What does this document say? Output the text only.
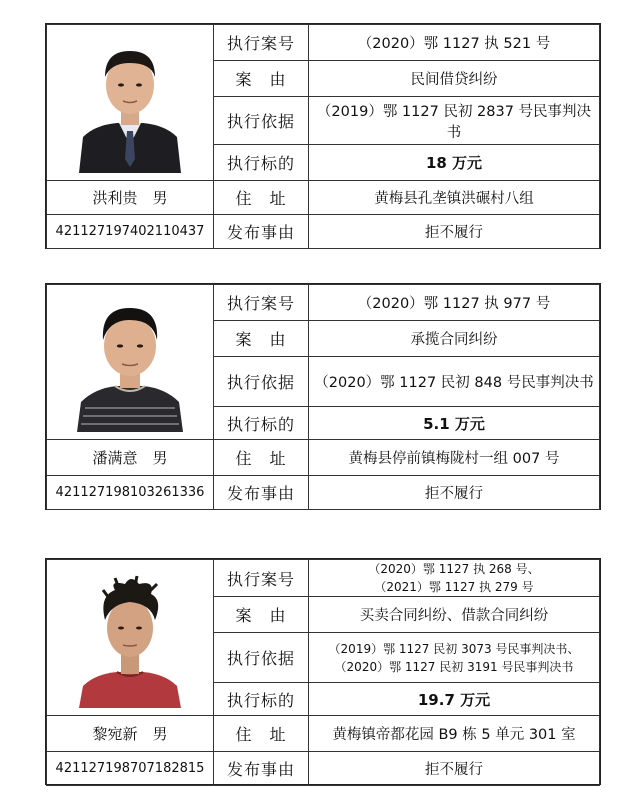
	执行案号	（2020）鄂 1127 执 521 号
	案　由	民间借贷纠纷
	执行依据	（2019）鄂 1127 民初 2837 号民事判决书
	执行标的	18 万元
洪利贵　男	住　址	黄梅县孔垄镇洪碾村八组
421127197402110437	发布事由	拒不履行
	执行案号	（2020）鄂 1127 执 977 号
	案　由	承揽合同纠纷
	执行依据	（2020）鄂 1127 民初 848 号民事判决书
	执行标的	5.1 万元
潘满意　男	住　址	黄梅县停前镇梅陇村一组 007 号
421127198103261336	发布事由	拒不履行
	执行案号	（2020）鄂 1127 执 268 号、
（2021）鄂 1127 执 279 号

	案　由	买卖合同纠纷、借款合同纠纷
	执行依据	（2019）鄂 1127 民初 3073 号民事判决书、
（2020）鄂 1127 民初 3191 号民事判决书

	执行标的	19.7 万元
黎宛新　男	住　址	黄梅镇帝都花园 B9 栋 5 单元 301 室
421127198707182815	发布事由	拒不履行
